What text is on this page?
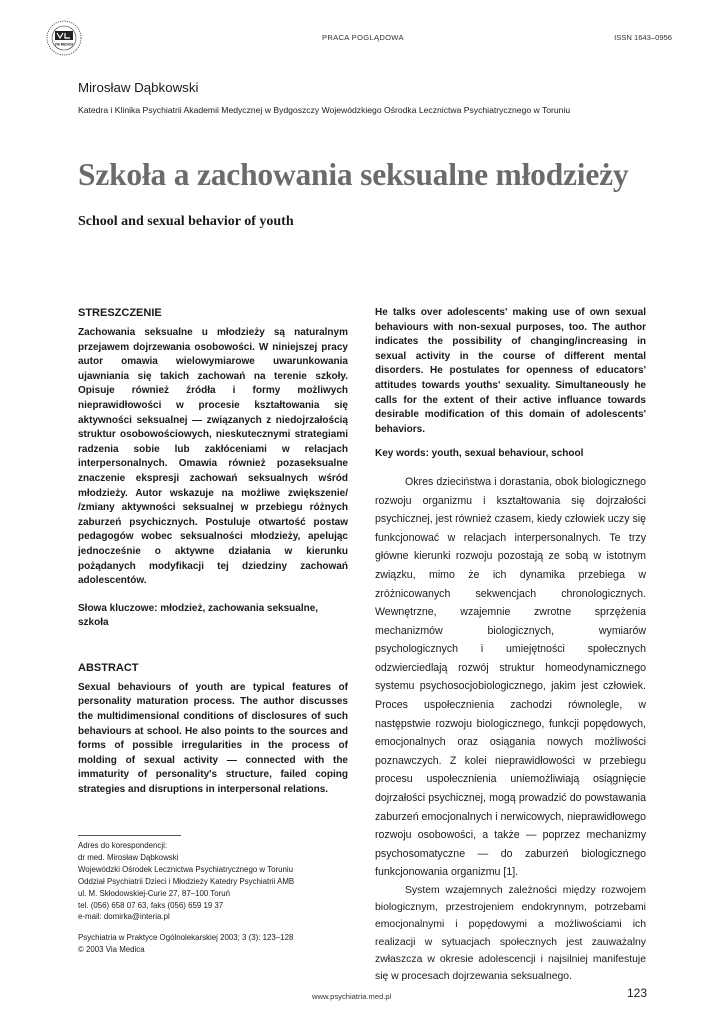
VIA MEDICA
PRACA POGLĄDOWA	ISSN 1643–0956
Mirosław Dąbkowski
Katedra i Klinika Psychiatrii Akademii Medycznej w Bydgoszczy Wojewódzkiego Ośrodka Lecznictwa Psychiatrycznego w Toruniu
Szkoła a zachowania seksualne młodzieży
School and sexual behavior of youth
STRESZCZENIE

Zachowania seksualne u młodzieży są naturalnym przejawem dojrzewania osobowości. W niniejszej pracy autor omawia wielowymiarowe uwarunkowania ujawniania się takich zachowań na terenie szkoły. Opisuje również źródła i formy możliwych nieprawidłowości w procesie kształtowania się aktywności seksualnej — związanych z niedojrzałością struktur osobowościowych, nieskutecznymi strategiami radzenia sobie lub zakłóceniami w relacjach interpersonalnych. Omawia również pozaseksualne znaczenie ekspresji zachowań seksualnych wśród młodzieży. Autor wskazuje na możliwe zwiększenie/ /zmiany aktywności seksualnej w przebiegu różnych zaburzeń psychicznych. Postuluje otwartość postaw pedagogów wobec seksualności młodzieży, apelując jednocześnie o aktywne działania w kierunku pożądanych modyfikacji tej dziedziny zachowań adolescentów.

Słowa kluczowe: młodzież, zachowania seksualne, szkoła

ABSTRACT

Sexual behaviours of youth are typical features of personality maturation process. The author discusses the multidimensional conditions of disclosures of such behaviours at school. He also points to the sources and forms of possible irregularities in the process of molding of sexual activity — connected with the immaturity of personality's structure, failed coping strategies and disruptions in interpersonal relations.

Adres do korespondencji:
dr med. Mirosław Dąbkowski
Wojewódzki Ośrodek Lecznictwa Psychiatrycznego w Toruniu
Oddział Psychiatrii Dzieci i Młodzieży Katedry Psychiatrii AMB
ul. M. Skłodowskiej-Curie 27, 87–100 Toruń
tel. (056) 658 07 63, faks (056) 659 19 37
e-mail: domirka@interia.pl
Psychiatria w Praktyce Ogólnolekarskiej 2003; 3 (3): 123–128
© 2003 Via Medica

He talks over adolescents' making use of own sexual behaviours with non-sexual purposes, too. The author indicates the possibility of changing/increasing in sexual activity in the course of different mental disorders. He postulates for openness of educators' attitudes towards youths' sexuality. Simultaneously he calls for the extent of their active influance towards desirable modification of this domain of adolescents' behaviors.

Key words: youth, sexual behaviour, school

Okres dzieciństwa i dorastania, obok biologicznego rozwoju organizmu i kształtowania się dojrzałości psychicznej, jest również czasem, kiedy człowiek uczy się funkcjonować w relacjach interpersonalnych. Te trzy główne kierunki rozwoju pozostają ze sobą w istotnym związku, mimo że ich dynamika przebiega w zróżnicowanych sekwencjach chronologicznych. Wewnętrzne, wzajemnie zwrotne sprzężenia mechanizmów biologicznych, wymiarów psychologicznych i umiejętności społecznych odzwierciedlają rozwój struktur homeodynamicznego systemu psychosocjobiologicznego, jakim jest człowiek. Proces uspołecznienia zachodzi równolegle, w następstwie rozwoju biologicznego, funkcji popędowych, emocjonalnych oraz osiągania nowych możliwości poznawczych. Z kolei nieprawidłowości w przebiegu procesu uspołecznienia uniemożliwiają osiągnięcie dojrzałości psychicznej, mogą prowadzić do powstawania zaburzeń emocjonalnych i nerwicowych, nieprawidłowego rozwoju osobowości, a także — poprzez mechanizmy psychosomatyczne — do zaburzeń biologicznego funkcjonowania organizmu [1].

System wzajemnych zależności między rozwojem biologicznym, przestrojeniem endokrynnym, potrzebami emocjonalnymi i popędowymi a możliwościami ich realizacji w sytuacjach społecznych jest zauważalny zwłaszcza w okresie adolescencji i najsilniej manifestuje się w procesach dojrzewania seksualnego.

www.psychiatria.med.pl	123
